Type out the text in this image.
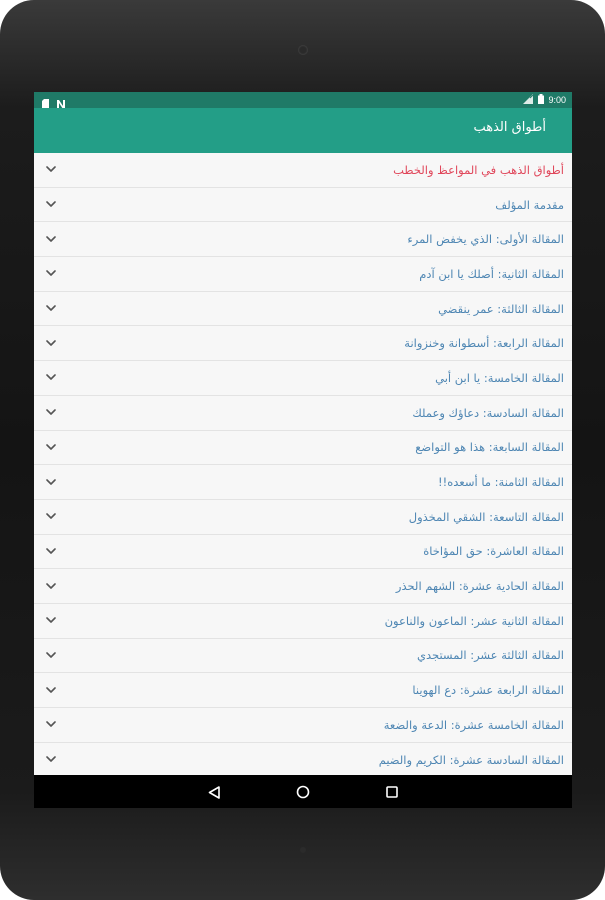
9:00
أطواق الذهب
أطواق الذهب في المواعظ والخطب
مقدمة المؤلف
المقالة الأولى: الذي يخفض المرء
المقالة الثانية: أصلك يا ابن آدم
المقالة الثالثة: عمر ينقضي
المقالة الرابعة: أسطوانة وخنزوانة
المقالة الخامسة: يا ابن أبي
المقالة السادسة: دعاؤك وعملك
المقالة السابعة: هذا هو التواضع
المقالة الثامنة: ما أسعده!!
المقالة التاسعة: الشقي المخذول
المقالة العاشرة: حق المؤاخاة
المقالة الحادية عشرة: الشهم الحذر
المقالة الثانية عشر: الماعون والناعون
المقالة الثالثة عشر: المستجدي
المقالة الرابعة عشرة: دع الهوينا
المقالة الخامسة عشرة: الدعة والضعة
المقالة السادسة عشرة: الكريم والضيم
